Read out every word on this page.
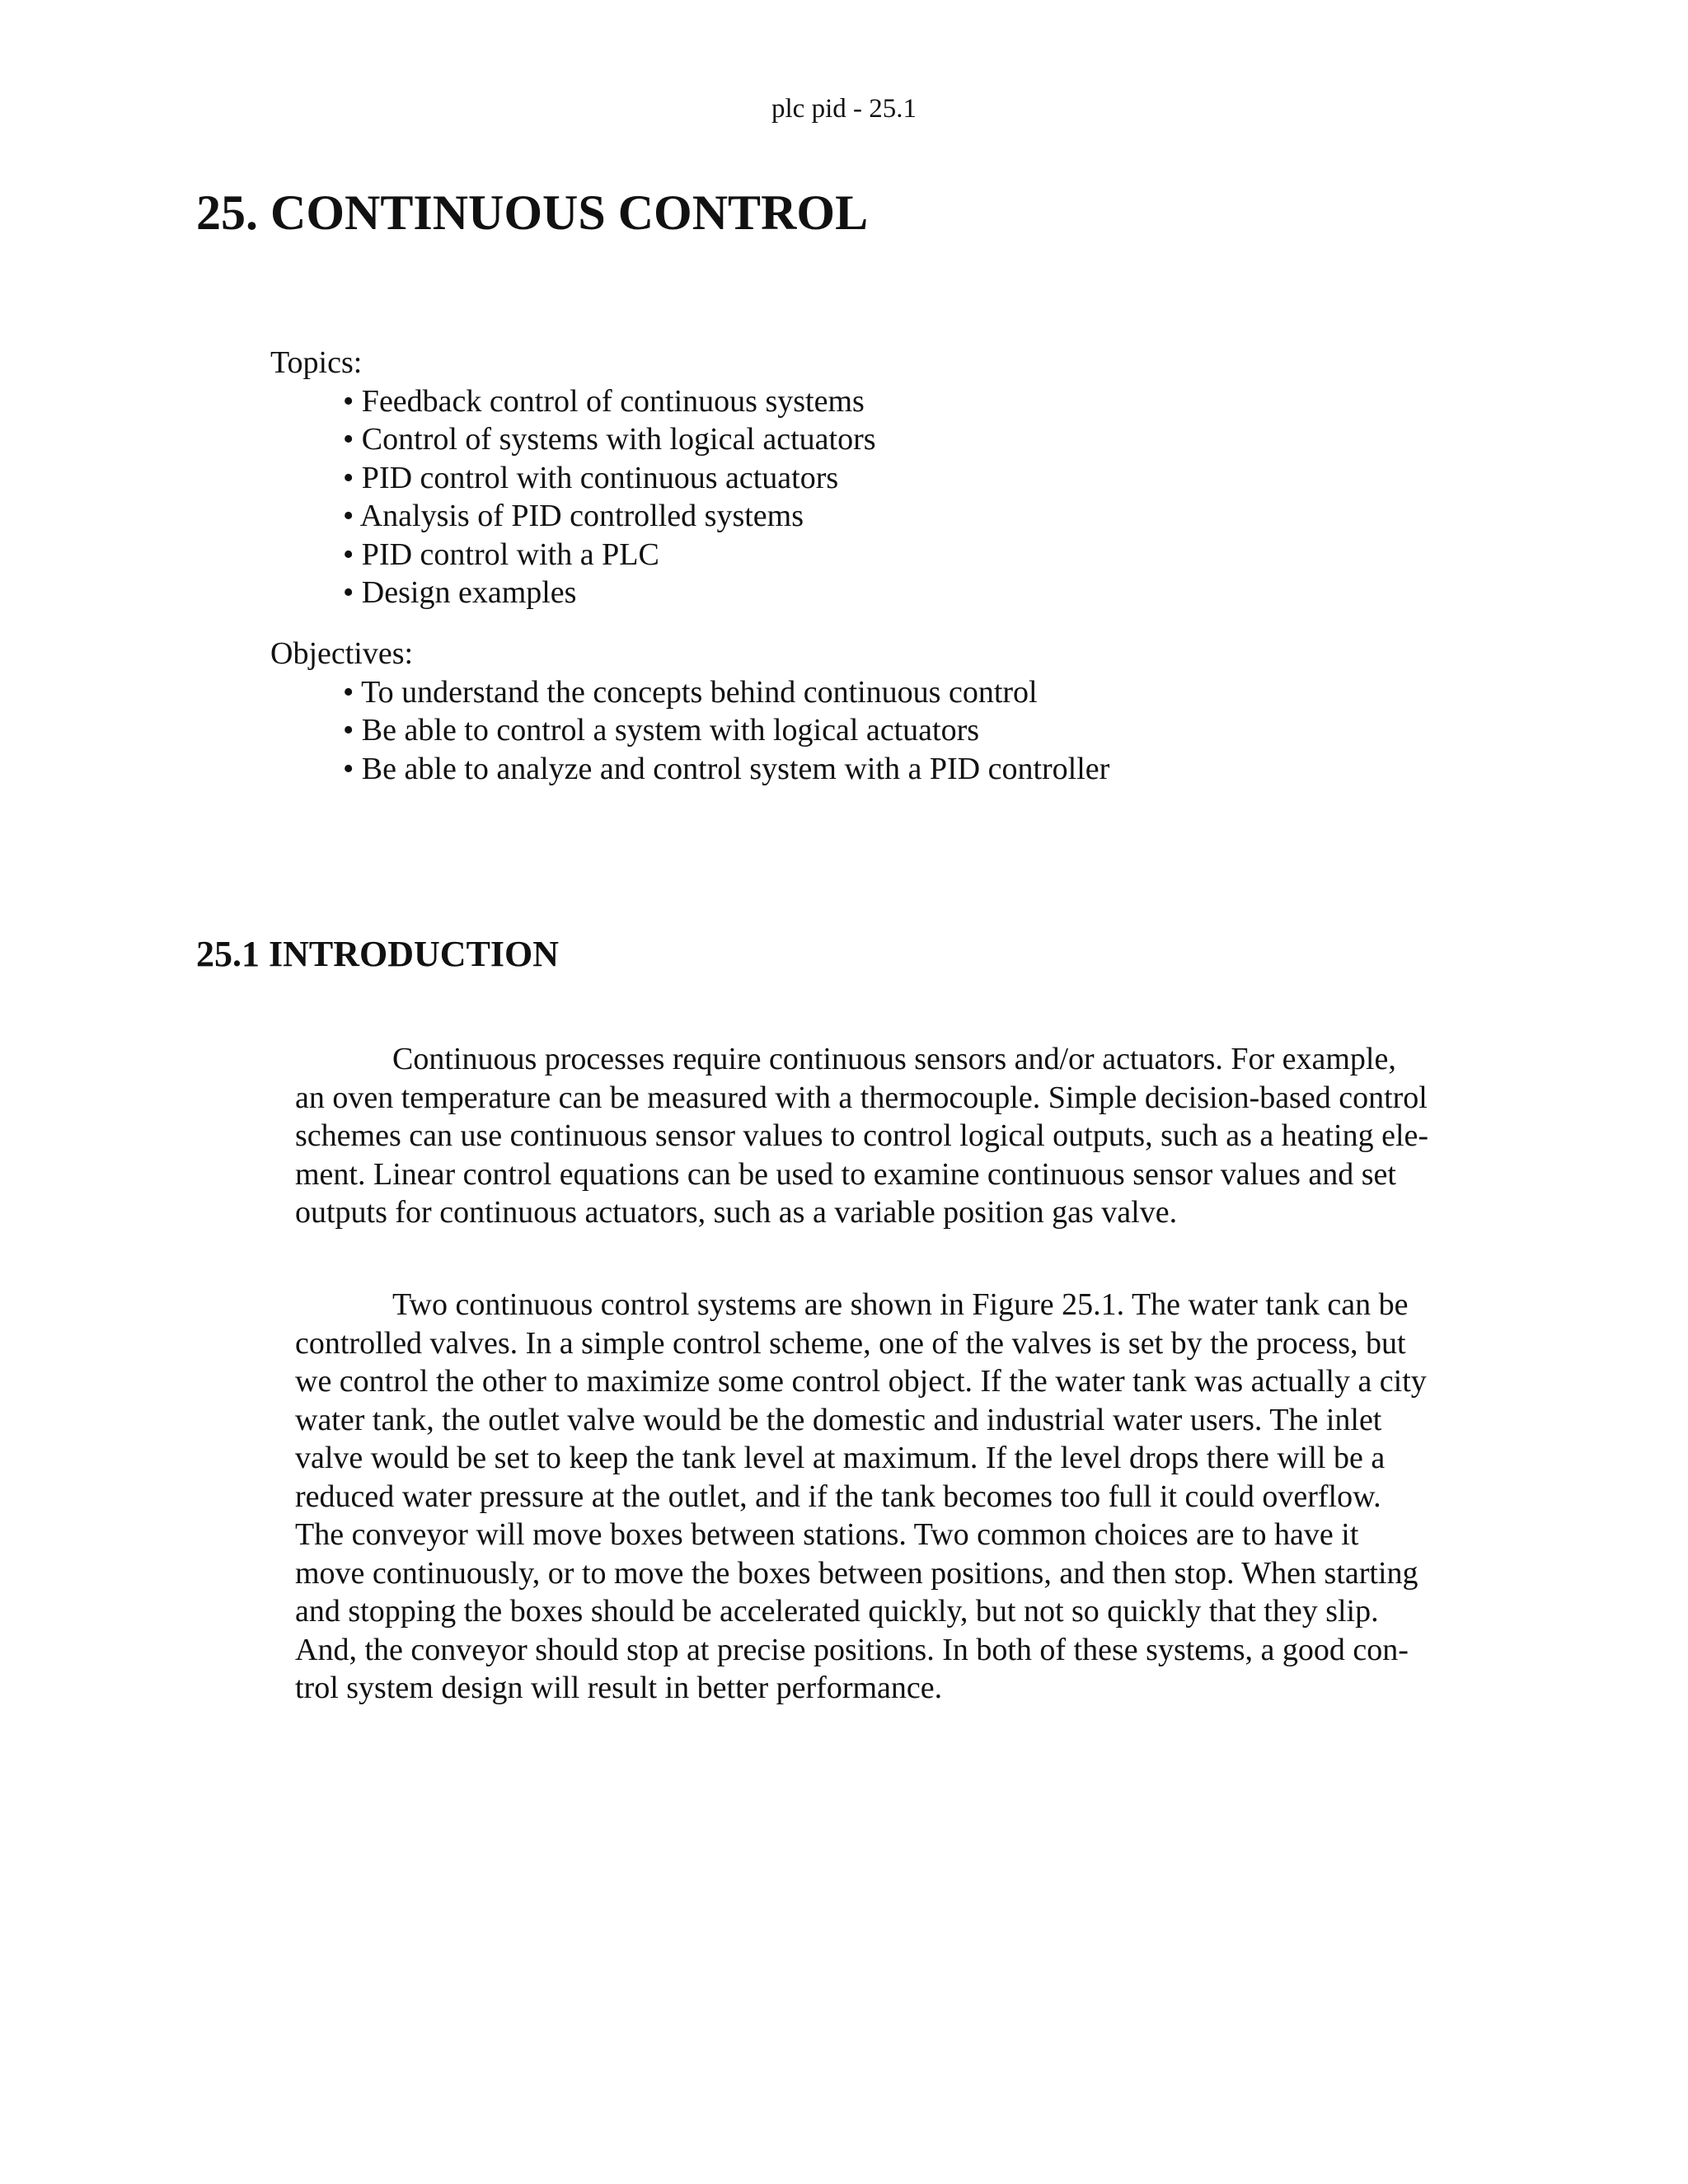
plc pid - 25.1
25. CONTINUOUS CONTROL
Topics:
• Feedback control of continuous systems
• Control of systems with logical actuators
• PID control with continuous actuators
• Analysis of PID controlled systems
• PID control with a PLC
• Design examples
Objectives:
• To understand the concepts behind continuous control
• Be able to control a system with logical actuators
• Be able to analyze and control system with a PID controller
25.1 INTRODUCTION

Continuous processes require continuous sensors and/or actuators. For example,
an oven temperature can be measured with a thermocouple. Simple decision-based control
schemes can use continuous sensor values to control logical outputs, such as a heating ele-
ment. Linear control equations can be used to examine continuous sensor values and set
outputs for continuous actuators, such as a variable position gas valve.

Two continuous control systems are shown in Figure 25.1. The water tank can be
controlled valves. In a simple control scheme, one of the valves is set by the process, but
we control the other to maximize some control object. If the water tank was actually a city
water tank, the outlet valve would be the domestic and industrial water users. The inlet
valve would be set to keep the tank level at maximum. If the level drops there will be a
reduced water pressure at the outlet, and if the tank becomes too full it could overflow.
The conveyor will move boxes between stations. Two common choices are to have it
move continuously, or to move the boxes between positions, and then stop. When starting
and stopping the boxes should be accelerated quickly, but not so quickly that they slip.
And, the conveyor should stop at precise positions. In both of these systems, a good con-
trol system design will result in better performance.
